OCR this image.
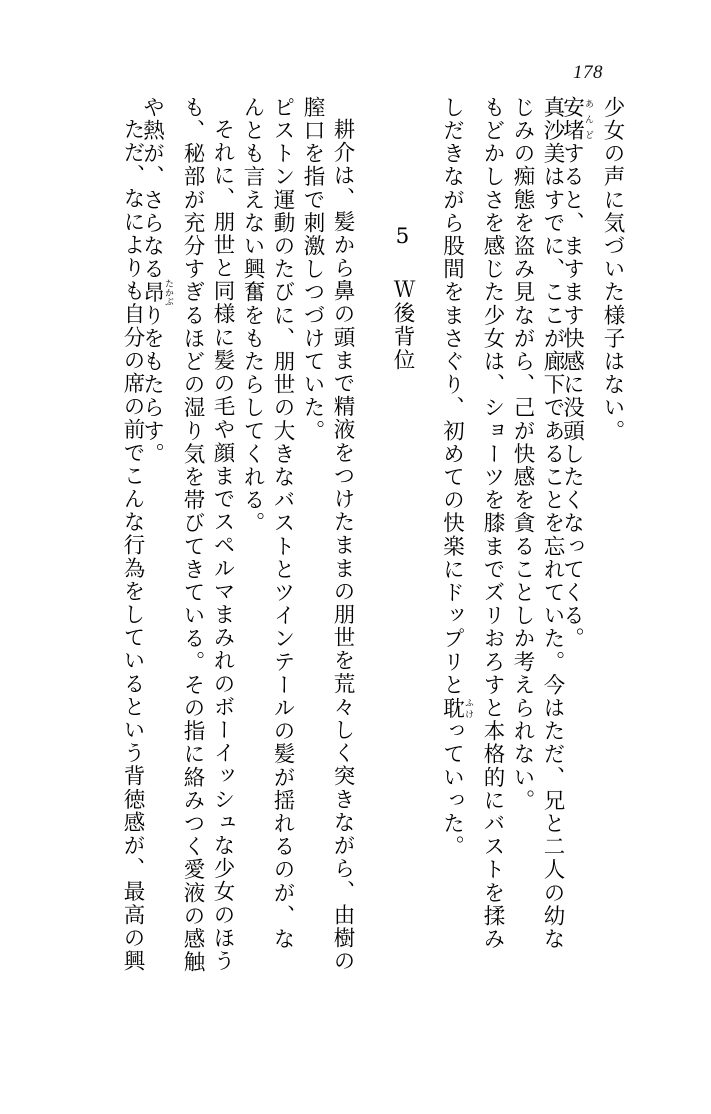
178
少女の声に気づいた様子はない。
安堵あんどすると、ますます快感に没頭したくなってくる。
真沙美はすでに、ここが廊下であることを忘れていた。今はただ、兄と二人の幼な
じみの痴態を盗み見ながら、己が快感を貪ることしか考えられない。
もどかしさを感じた少女は、ショーツを膝までズリおろすと本格的にバストを揉み
しだきながら股間をまさぐり、初めての快楽にドップリと耽ふけっていった。
5 Ｗ後背位
耕介は、髪から鼻の頭まで精液をつけたままの朋世を荒々しく突きながら、由樹の
膣口を指で刺激しつづけていた。
ピストン運動のたびに、朋世の大きなバストとツインテールの髪が揺れるのが、な
んとも言えない興奮をもたらしてくれる。
それに、朋世と同様に髪の毛や顔までスペルマまみれのボーイッシュな少女のほう
も、秘部が充分すぎるほどの湿り気を帯びてきている。その指に絡みつく愛液の感触
や熱が、さらなる昂たかぶりをもたらす。
ただ、なによりも自分の席の前でこんな行為をしているという背徳感が、最高の興
